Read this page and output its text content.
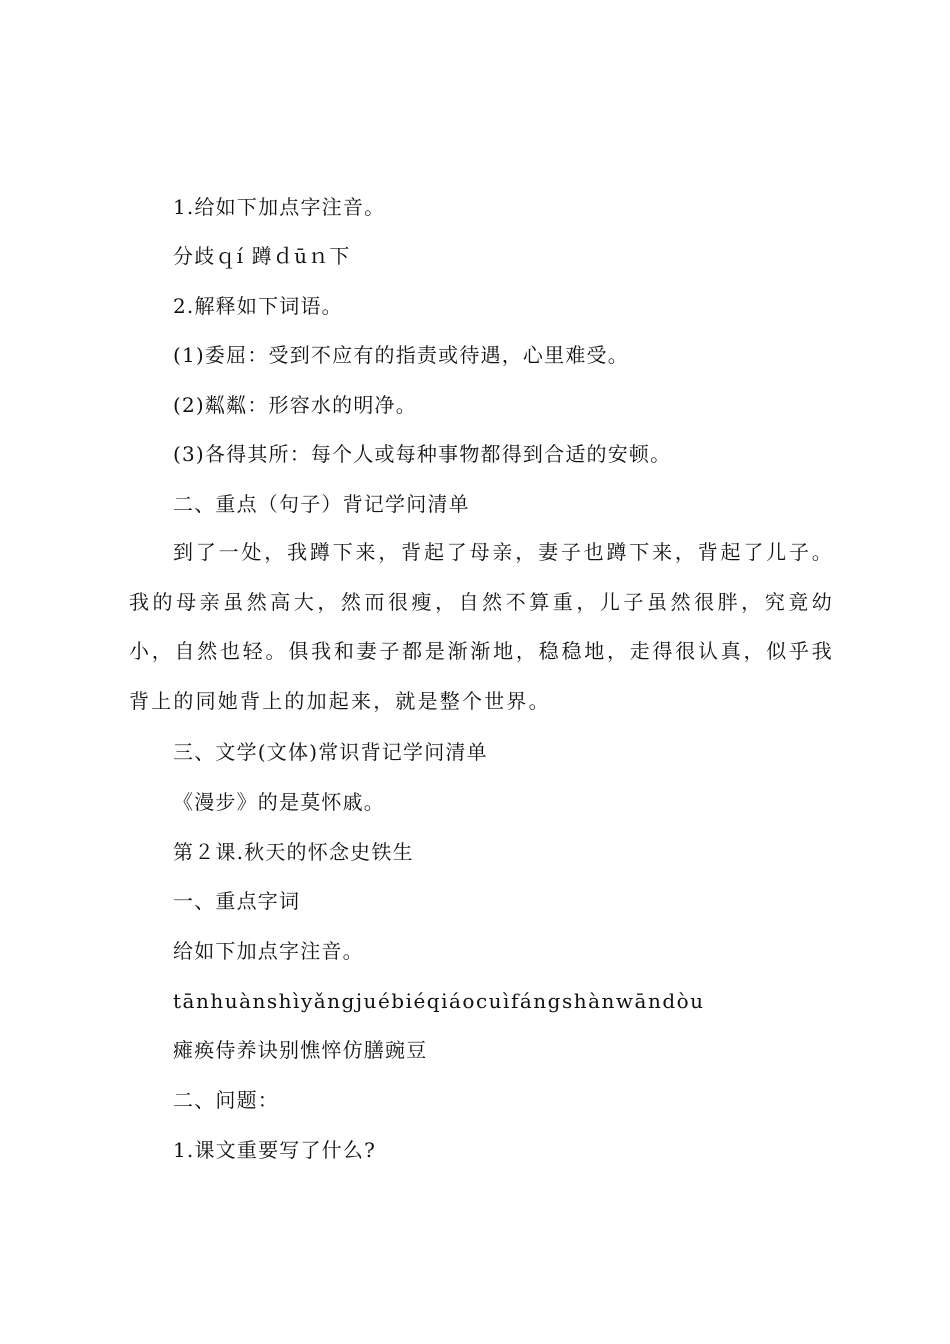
1.给如下加点字注音。
分歧ｑí 蹲ｄūｎ下
2.解释如下词语。
(1)委屈：受到不应有的指责或待遇，心里难受。
(2)粼粼：形容水的明净。
(3)各得其所：每个人或每种事物都得到合适的安顿。
二、重点（句子）背记学问清单
到了一处，我蹲下来，背起了母亲，妻子也蹲下来，背起了儿子。我的母亲虽然高大，然而很瘦，自然不算重，儿子虽然很胖，究竟幼小，自然也轻。俱我和妻子都是渐渐地，稳稳地，走得很认真，似乎我背上的同她背上的加起来，就是整个世界。
三、文学(文体)常识背记学问清单
《漫步》的是莫怀戚。
第２课.秋天的怀念史铁生
一、重点字词
给如下加点字注音。
tānhuànshìyǎngjuébiéqiáocuìfángshànwāndòu
瘫痪侍养诀别憔悴仿膳豌豆
二、问题：
1.课文重要写了什么?
